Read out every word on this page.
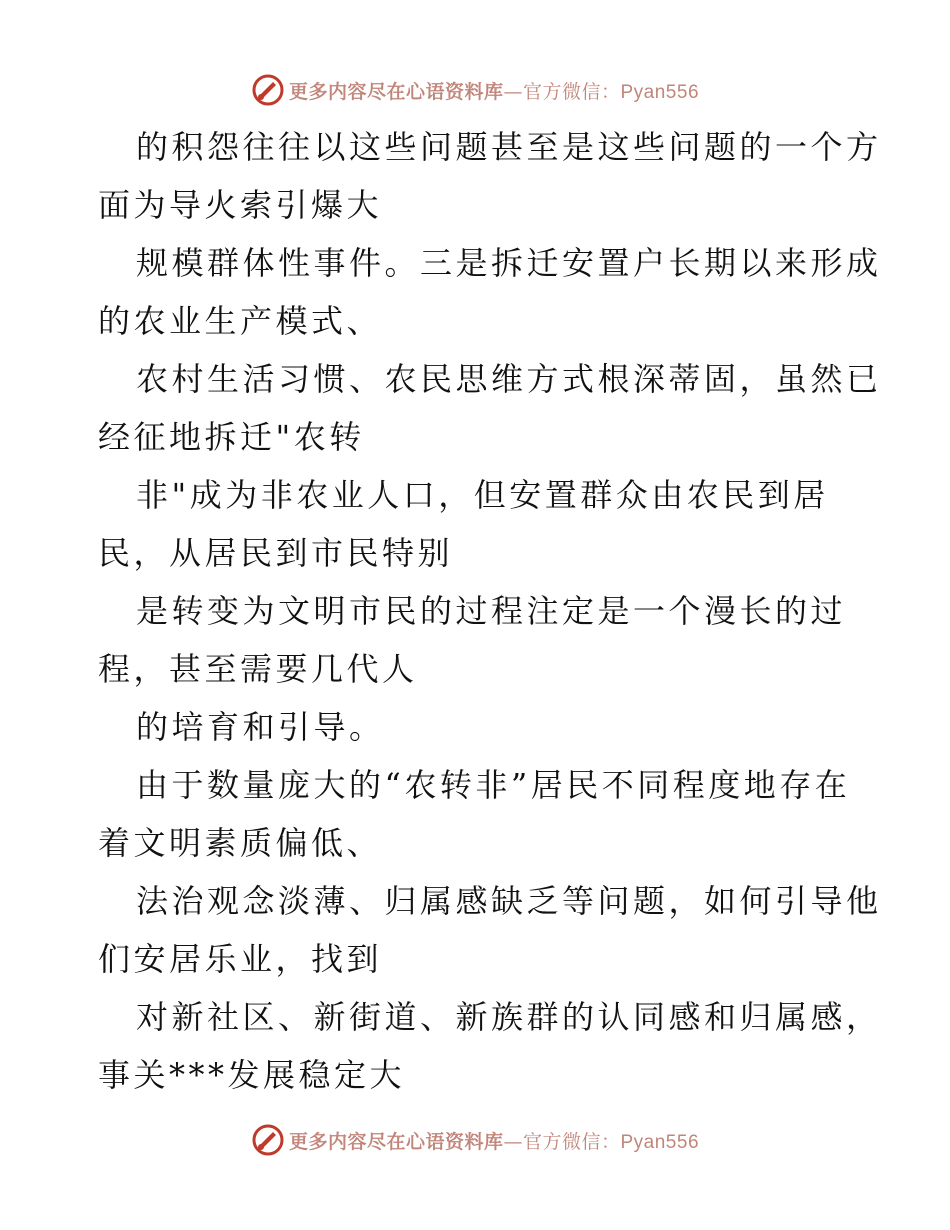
更多内容尽在心语资料库—官方微信：Pyan556
的积怨往往以这些问题甚至是这些问题的一个方
面为导火索引爆大
规模群体性事件。三是拆迁安置户长期以来形成
的农业生产模式、
农村生活习惯、农民思维方式根深蒂固，虽然已
经征地拆迁"农转
非"成为非农业人口，但安置群众由农民到居
民，从居民到市民特别
是转变为文明市民的过程注定是一个漫长的过
程，甚至需要几代人
的培育和引导。
由于数量庞大的“农转非”居民不同程度地存在
着文明素质偏低、
法治观念淡薄、归属感缺乏等问题，如何引导他
们安居乐业，找到
对新社区、新街道、新族群的认同感和归属感，
事关***发展稳定大
更多内容尽在心语资料库—官方微信：Pyan556
